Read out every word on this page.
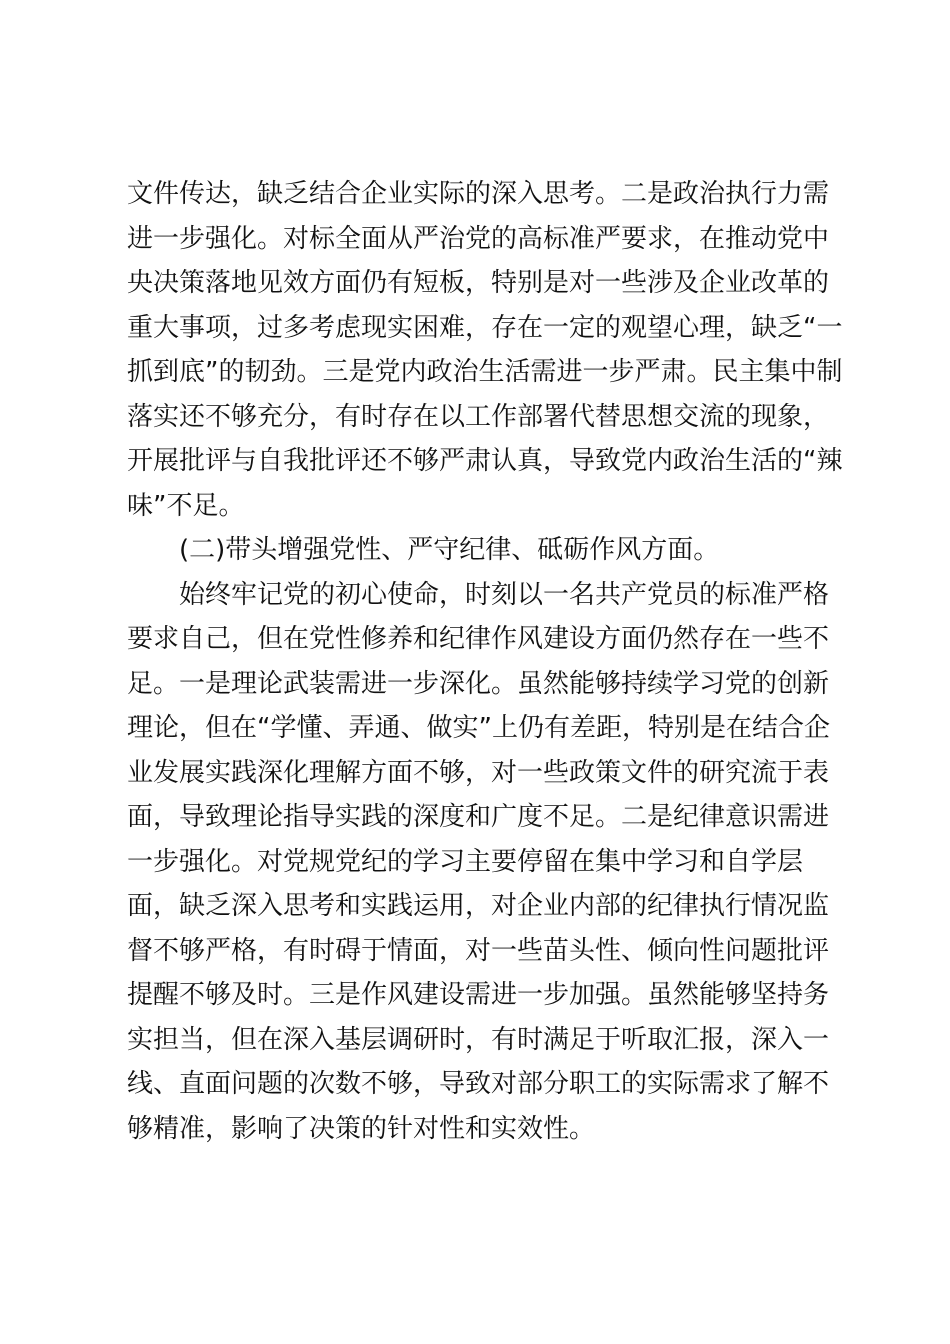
文件传达，缺乏结合企业实际的深入思考。二是政治执行力需
进一步强化。对标全面从严治党的高标准严要求，在推动党中
央决策落地见效方面仍有短板，特别是对一些涉及企业改革的
重大事项，过多考虑现实困难，存在一定的观望心理，缺乏“一
抓到底”的韧劲。三是党内政治生活需进一步严肃。民主集中制
落实还不够充分，有时存在以工作部署代替思想交流的现象，
开展批评与自我批评还不够严肃认真，导致党内政治生活的“辣
味”不足。
(二)带头增强党性、严守纪律、砥砺作风方面。
始终牢记党的初心使命，时刻以一名共产党员的标准严格
要求自己，但在党性修养和纪律作风建设方面仍然存在一些不
足。一是理论武装需进一步深化。虽然能够持续学习党的创新
理论，但在“学懂、弄通、做实”上仍有差距，特别是在结合企
业发展实践深化理解方面不够，对一些政策文件的研究流于表
面，导致理论指导实践的深度和广度不足。二是纪律意识需进
一步强化。对党规党纪的学习主要停留在集中学习和自学层
面，缺乏深入思考和实践运用，对企业内部的纪律执行情况监
督不够严格，有时碍于情面，对一些苗头性、倾向性问题批评
提醒不够及时。三是作风建设需进一步加强。虽然能够坚持务
实担当，但在深入基层调研时，有时满足于听取汇报，深入一
线、直面问题的次数不够，导致对部分职工的实际需求了解不
够精准，影响了决策的针对性和实效性。
